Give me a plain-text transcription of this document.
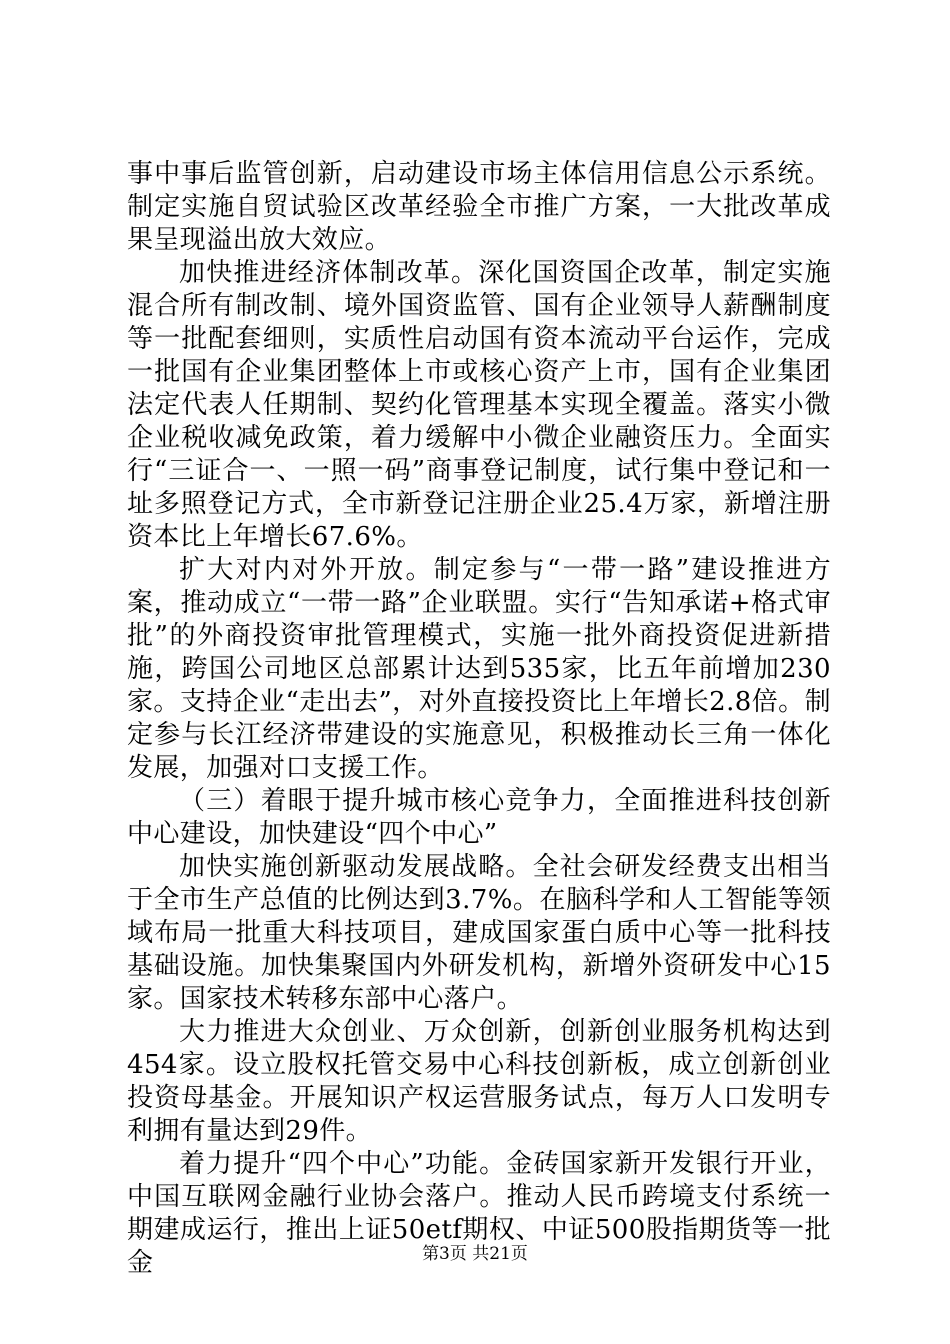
事中事后监管创新，启动建设市场主体信用信息公示系统。制定实施自贸试验区改革经验全市推广方案，一大批改革成果呈现溢出放大效应。

加快推进经济体制改革。深化国资国企改革，制定实施混合所有制改制、境外国资监管、国有企业领导人薪酬制度等一批配套细则，实质性启动国有资本流动平台运作，完成一批国有企业集团整体上市或核心资产上市，国有企业集团法定代表人任期制、契约化管理基本实现全覆盖。落实小微企业税收减免政策，着力缓解中小微企业融资压力。全面实行“三证合一、一照一码”商事登记制度，试行集中登记和一址多照登记方式，全市新登记注册企业25.4万家，新增注册资本比上年增长67.6%。

扩大对内对外开放。制定参与“一带一路”建设推进方案，推动成立“一带一路”企业联盟。实行“告知承诺+格式审批”的外商投资审批管理模式，实施一批外商投资促进新措施，跨国公司地区总部累计达到535家，比五年前增加230家。支持企业“走出去”，对外直接投资比上年增长2.8倍。制定参与长江经济带建设的实施意见，积极推动长三角一体化发展，加强对口支援工作。

（三）着眼于提升城市核心竞争力，全面推进科技创新中心建设，加快建设“四个中心”

加快实施创新驱动发展战略。全社会研发经费支出相当于全市生产总值的比例达到3.7%。在脑科学和人工智能等领域布局一批重大科技项目，建成国家蛋白质中心等一批科技基础设施。加快集聚国内外研发机构，新增外资研发中心15家。国家技术转移东部中心落户。

大力推进大众创业、万众创新，创新创业服务机构达到454家。设立股权托管交易中心科技创新板，成立创新创业投资母基金。开展知识产权运营服务试点，每万人口发明专利拥有量达到29件。

着力提升“四个中心”功能。金砖国家新开发银行开业，中国互联网金融行业协会落户。推动人民币跨境支付系统一期建成运行，推出上证50etf期权、中证500股指期货等一批金	第3页 共21页
